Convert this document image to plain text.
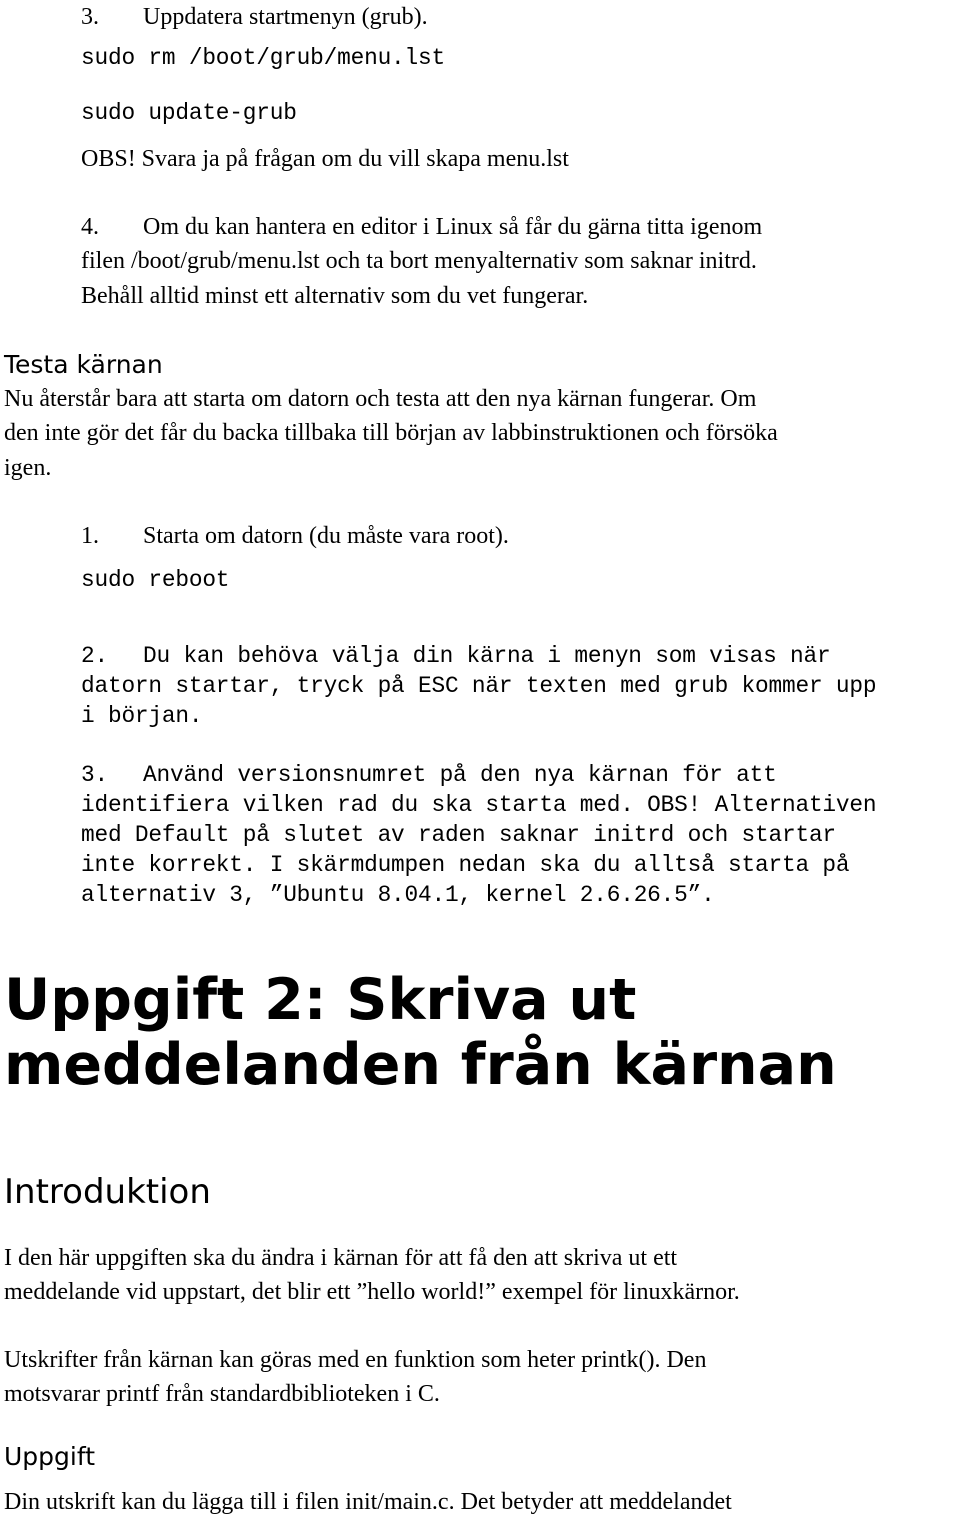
3. Uppdatera startmenyn (grub).
sudo rm /boot/grub/menu.lst
sudo update-grub
OBS! Svara ja på frågan om du vill skapa menu.lst
4. Om du kan hantera en editor i Linux så får du gärna titta igenom
filen /boot/grub/menu.lst och ta bort menyalternativ som saknar initrd.
Behåll alltid minst ett alternativ som du vet fungerar.
Testa kärnan
Nu återstår bara att starta om datorn och testa att den nya kärnan fungerar. Om
den inte gör det får du backa tillbaka till början av labbinstruktionen och försöka
igen.
1. Starta om datorn (du måste vara root).
sudo reboot
2. Du kan behöva välja din kärna i menyn som visas när
datorn startar, tryck på ESC när texten med grub kommer upp
i början.
3. Använd versionsnumret på den nya kärnan för att
identifiera vilken rad du ska starta med. OBS! Alternativen
med Default på slutet av raden saknar initrd och startar
inte korrekt. I skärmdumpen nedan ska du alltså starta på
alternativ 3, ”Ubuntu 8.04.1, kernel 2.6.26.5”.
Uppgift 2: Skriva ut
meddelanden från kärnan
Introduktion
I den här uppgiften ska du ändra i kärnan för att få den att skriva ut ett
meddelande vid uppstart, det blir ett ”hello world!” exempel för linuxkärnor.
Utskrifter från kärnan kan göras med en funktion som heter printk(). Den
motsvarar printf från standardbiblioteken i C.
Uppgift
Din utskrift kan du lägga till i filen init/main.c. Det betyder att meddelandet
